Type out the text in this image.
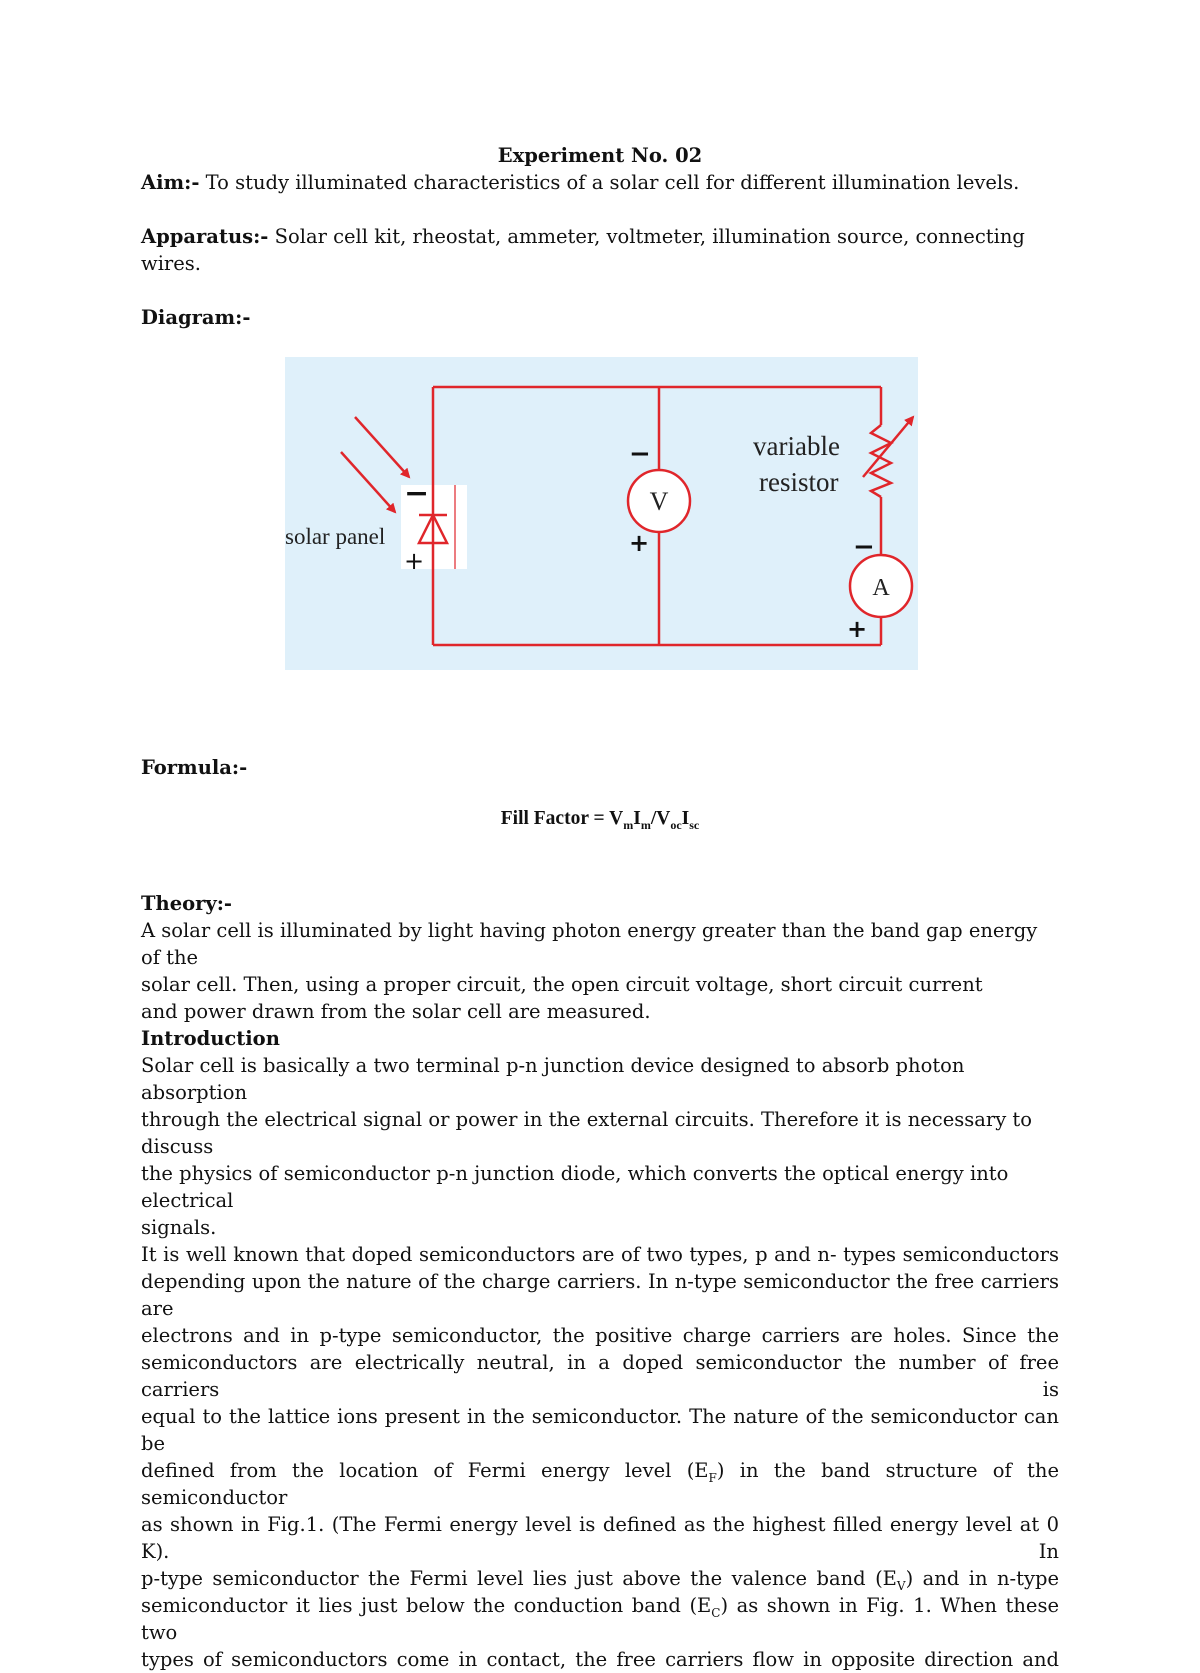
Experiment No. 02

Aim:- To study illuminated characteristics of a solar cell for different illumination levels.

Apparatus:- Solar cell kit, rheostat, ammeter, voltmeter, illumination source, connecting wires.

Diagram:-

−
+
solar panel
V
−
+
variable
resistor
A
−
+

Formula:-

Fill Factor = $V_mI_m/V_{oc}I_{sc}$

Theory:-

A solar cell is illuminated by light having photon energy greater than the band gap energy of the

solar cell. Then, using a proper circuit, the open circuit voltage, short circuit current

and power drawn from the solar cell are measured.

Introduction

Solar cell is basically a two terminal p-n junction device designed to absorb photon absorption

through the electrical signal or power in the external circuits. Therefore it is necessary to discuss

the physics of semiconductor p-n junction diode, which converts the optical energy into electrical

signals.

It is well known that doped semiconductors are of two types, p and n- types semiconductors

depending upon the nature of the charge carriers. In n-type semiconductor the free carriers are

electrons and in p-type semiconductor, the positive charge carriers are holes. Since the

semiconductors are electrically neutral, in a doped semiconductor the number of free carriers is

equal to the lattice ions present in the semiconductor. The nature of the semiconductor can be

defined from the location of Fermi energy level $(E_F)$ in the band structure of the semiconductor

as shown in Fig.1. (The Fermi energy level is defined as the highest filled energy level at 0 K). In

p-type semiconductor the Fermi level lies just above the valence band $(E_V)$ and in n-type

semiconductor it lies just below the conduction band $(E_C)$ as shown in Fig. 1. When these two

types of semiconductors come in contact, the free carriers flow in opposite direction and
